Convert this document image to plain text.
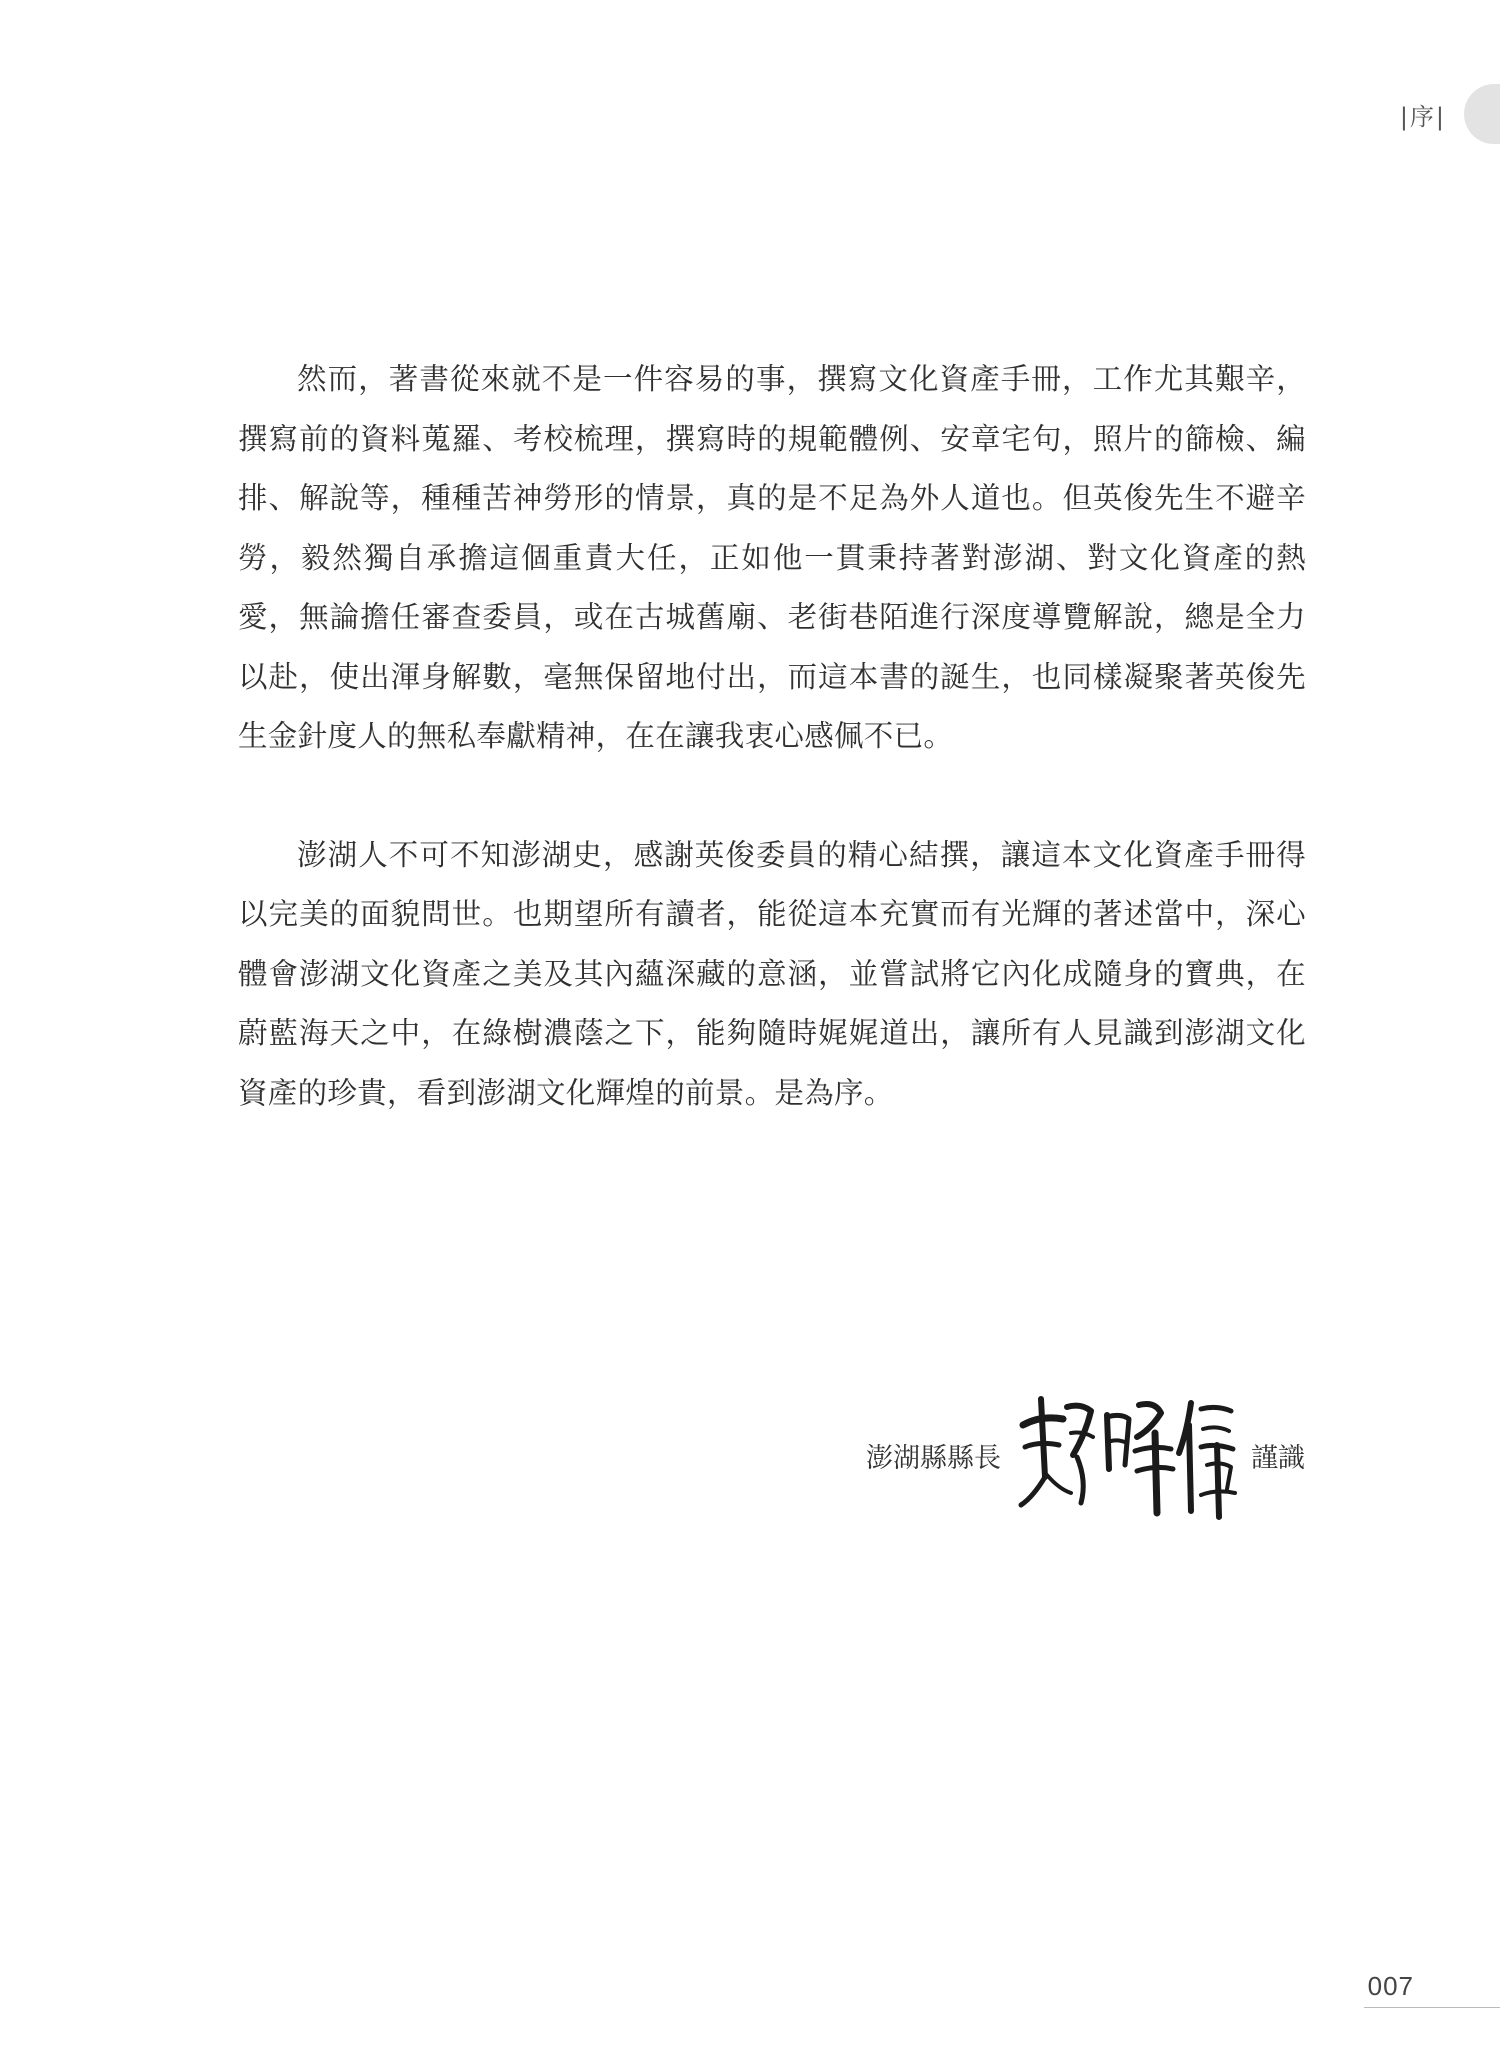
|序|

然而，著書從來就不是一件容易的事，撰寫文化資產手冊，工作尤其艱辛，撰寫前的資料蒐羅、考校梳理，撰寫時的規範體例、安章宅句，照片的篩檢、編排、解說等，種種苦神勞形的情景，真的是不足為外人道也。但英俊先生不避辛勞，毅然獨自承擔這個重責大任，正如他一貫秉持著對澎湖、對文化資產的熱愛，無論擔任審查委員，或在古城舊廟、老街巷陌進行深度導覽解說，總是全力以赴，使出渾身解數，毫無保留地付出，而這本書的誕生，也同樣凝聚著英俊先生金針度人的無私奉獻精神，在在讓我衷心感佩不已。

澎湖人不可不知澎湖史，感謝英俊委員的精心結撰，讓這本文化資產手冊得以完美的面貌問世。也期望所有讀者，能從這本充實而有光輝的著述當中，深心體會澎湖文化資產之美及其內蘊深藏的意涵，並嘗試將它內化成隨身的寶典，在蔚藍海天之中，在綠樹濃蔭之下，能夠隨時娓娓道出，讓所有人見識到澎湖文化資產的珍貴，看到澎湖文化輝煌的前景。是為序。

澎湖縣縣長	謹識
007
